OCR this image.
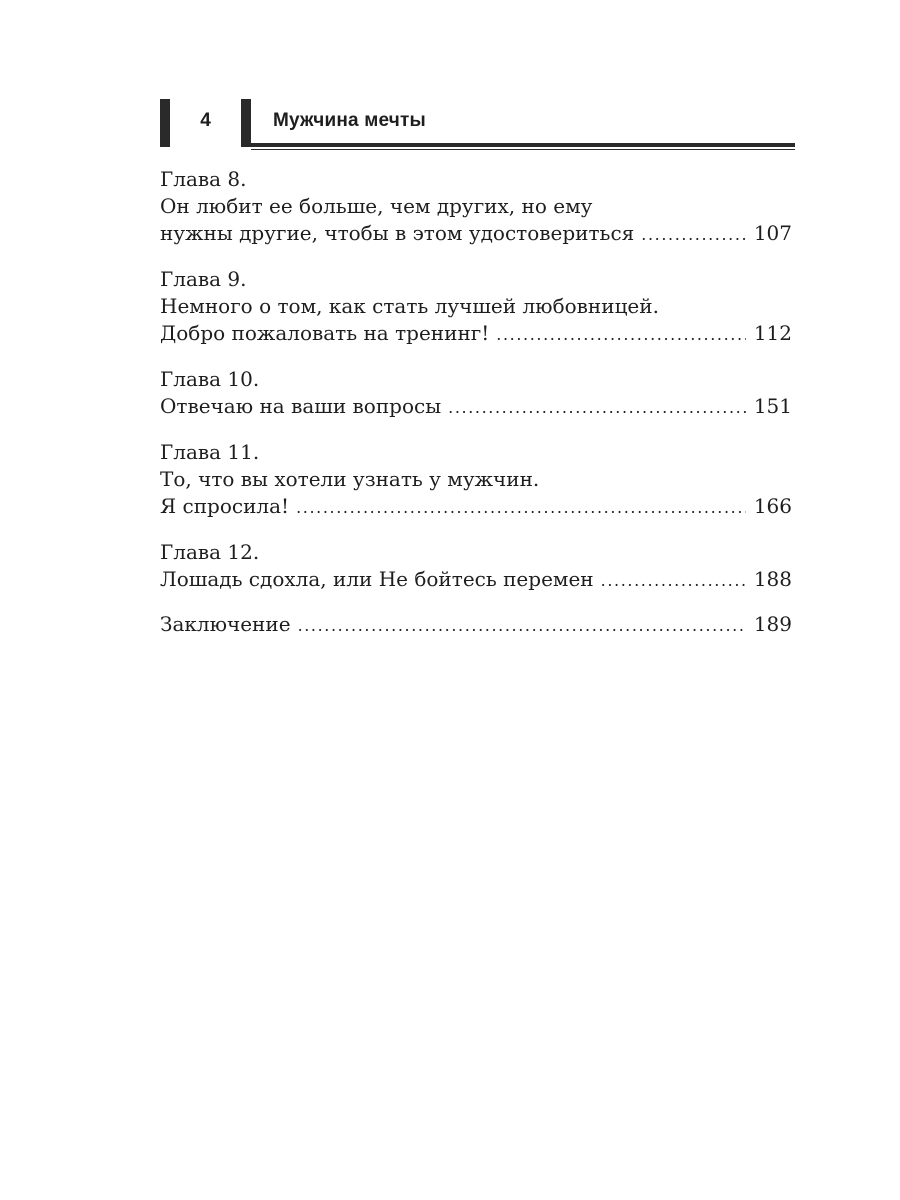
4	Мужчина мечты
Глава 8.
Он любит ее больше, чем других, но ему
нужны другие, чтобы в этом удостовериться .....	107
Глава 9.
Немного о том, как стать лучшей любовницей.
Добро пожаловать на тренинг! .....	112
Глава 10.
Отвечаю на ваши вопросы .....	151
Глава 11.
То, что вы хотели узнать у мужчин.
Я спросила! .....	166
Глава 12.
Лошадь сдохла, или Не бойтесь перемен .....	188
Заключение .....	189
